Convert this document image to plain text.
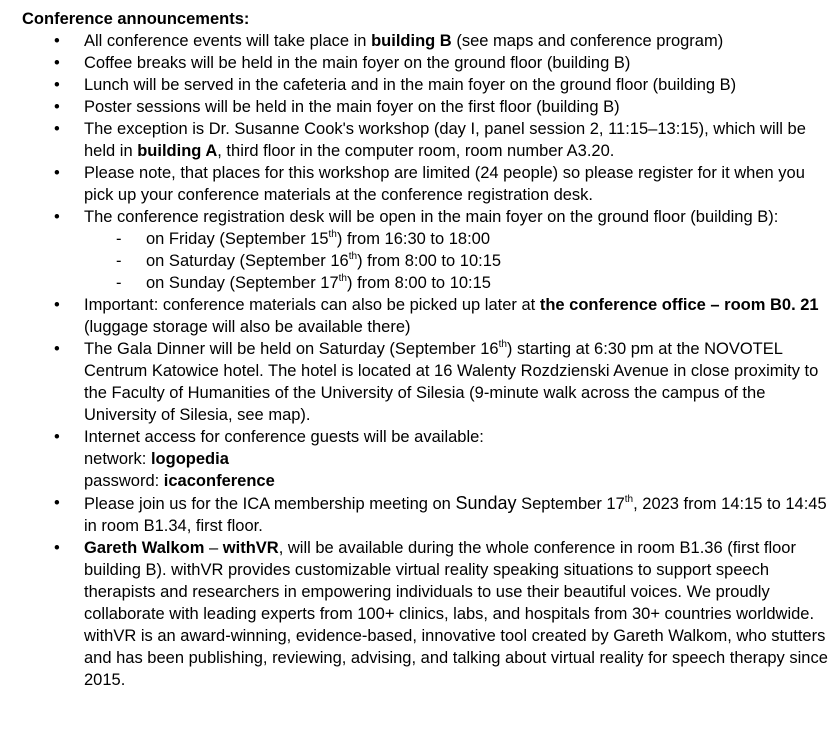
Conference announcements:

• All conference events will take place in building B (see maps and conference program)
• Coffee breaks will be held in the main foyer on the ground floor (building B)
• Lunch will be served in the cafeteria and in the main foyer on the ground floor (building B)
• Poster sessions will be held in the main foyer on the first floor (building B)
• The exception is Dr. Susanne Cook's workshop (day I, panel session 2, 11:15–13:15), which will be held in building A, third floor in the computer room, room number A3.20.
• Please note, that places for this workshop are limited (24 people) so please register for it when you pick up your conference materials at the conference registration desk.
• The conference registration desk will be open in the main foyer on the ground floor (building B):
- on Friday (September 15th) from 16:30 to 18:00
- on Saturday (September 16th) from 8:00 to 10:15
- on Sunday (September 17th) from 8:00 to 10:15
• Important: conference materials can also be picked up later at the conference office – room B0. 21 (luggage storage will also be available there)
• The Gala Dinner will be held on Saturday (September 16th) starting at 6:30 pm at the NOVOTEL Centrum Katowice hotel. The hotel is located at 16 Walenty Rozdzienski Avenue in close proximity to the Faculty of Humanities of the University of Silesia (9-minute walk across the campus of the University of Silesia, see map).
• Internet access for conference guests will be available:
network: logopedia
password: icaconference
• Please join us for the ICA membership meeting on Sunday September 17th, 2023 from 14:15 to 14:45 in room B1.34, first floor.
• Gareth Walkom – withVR, will be available during the whole conference in room B1.36 (first floor building B). withVR provides customizable virtual reality speaking situations to support speech therapists and researchers in empowering individuals to use their beautiful voices. We proudly collaborate with leading experts from 100+ clinics, labs, and hospitals from 30+ countries worldwide. withVR is an award-winning, evidence-based, innovative tool created by Gareth Walkom, who stutters and has been publishing, reviewing, advising, and talking about virtual reality for speech therapy since 2015.
